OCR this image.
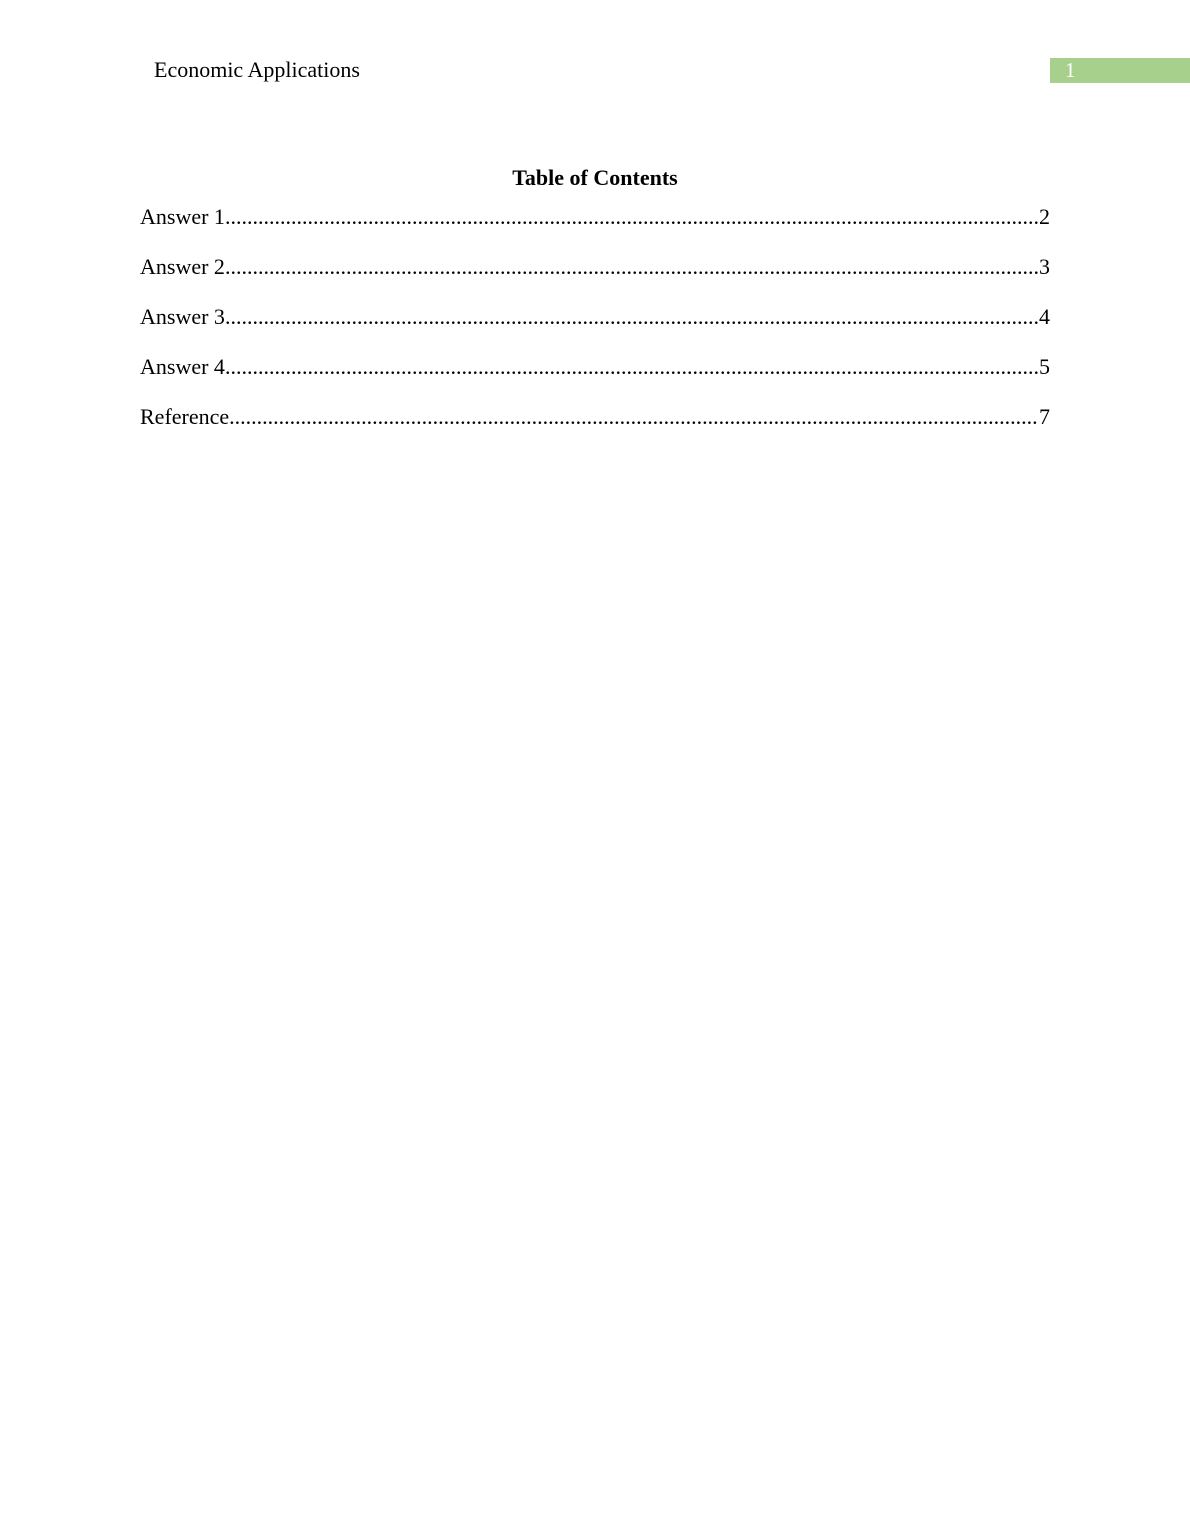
Economic Applications	1
Table of Contents
Answer 1 .....	2
Answer 2 .....	3
Answer 3 .....	4
Answer 4 .....	5
Reference .....	7
